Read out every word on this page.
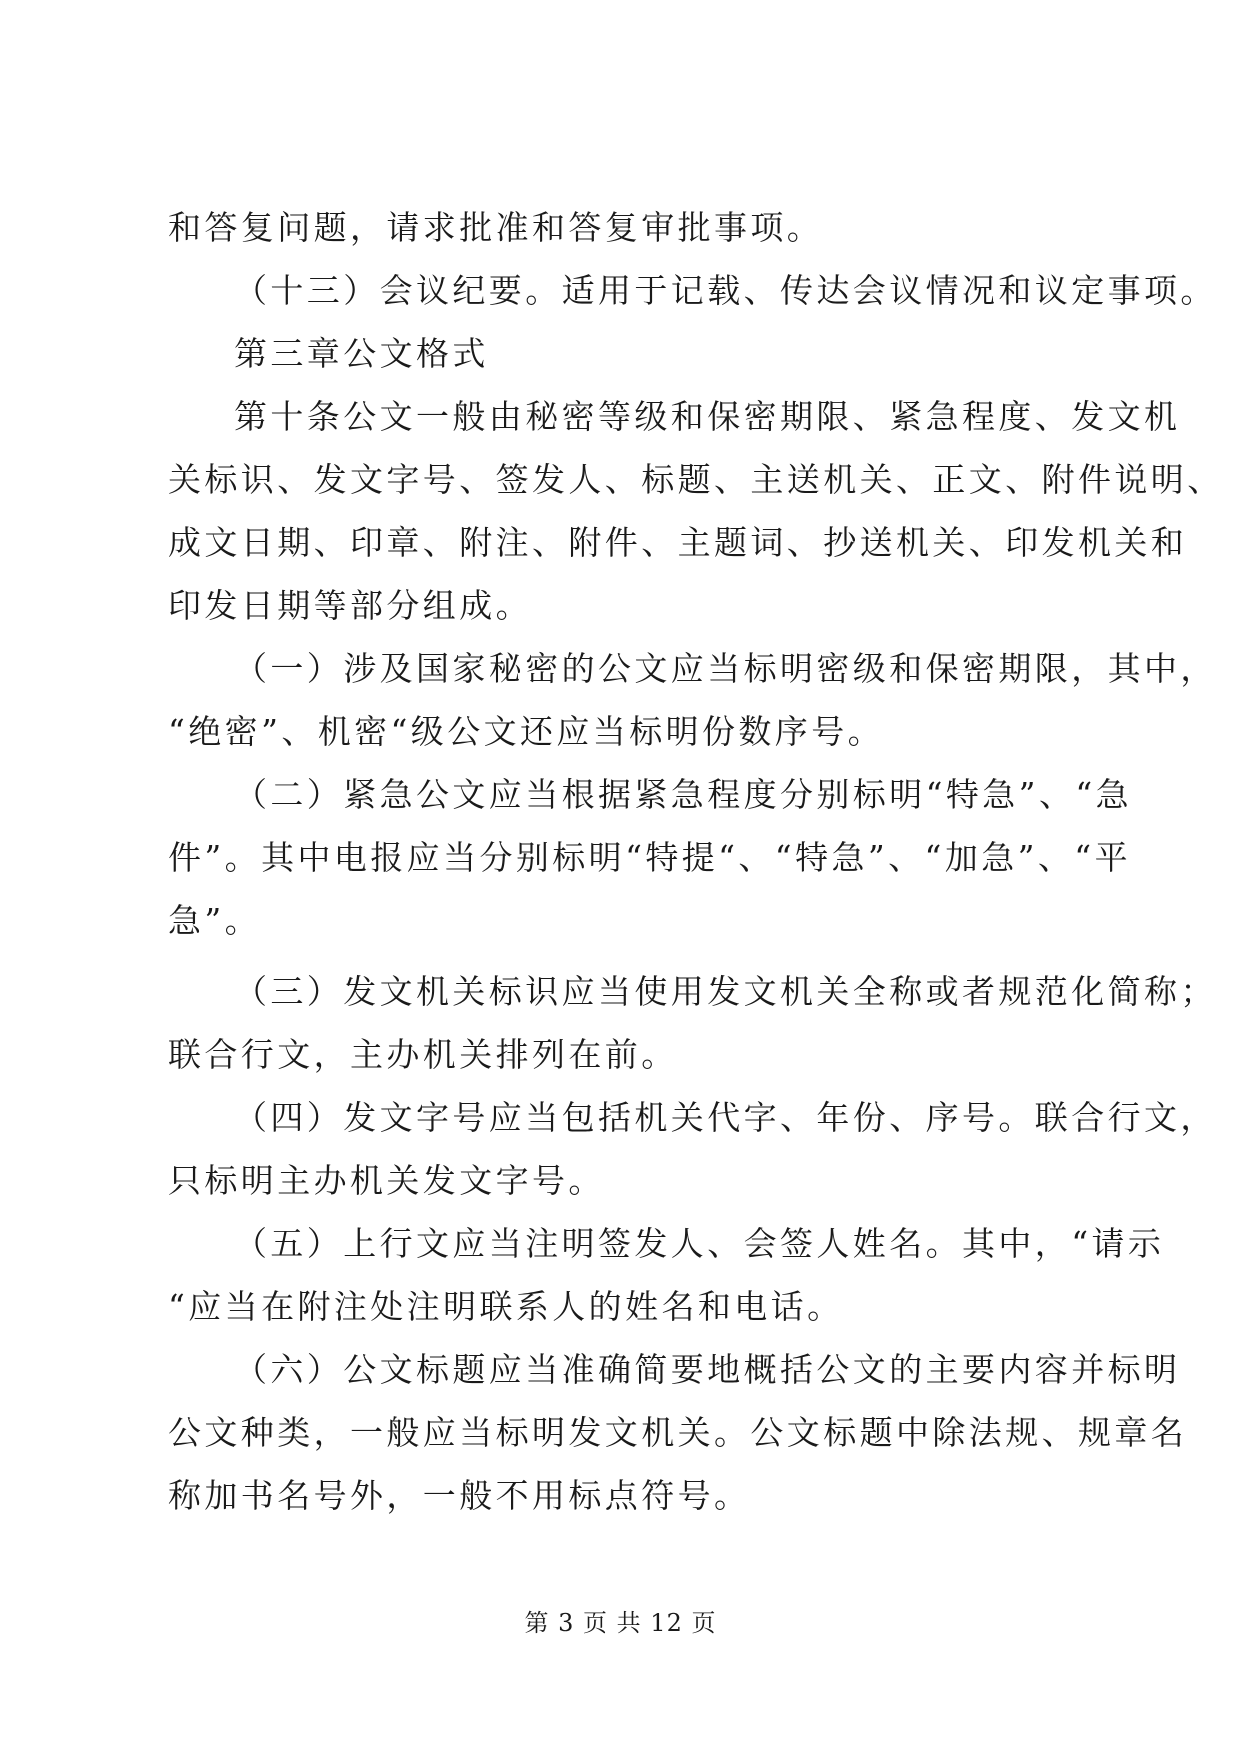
和答复问题，请求批准和答复审批事项。
（十三）会议纪要。适用于记载、传达会议情况和议定事项。
第三章公文格式
第十条公文一般由秘密等级和保密期限、紧急程度、发文机
关标识、发文字号、签发人、标题、主送机关、正文、附件说明、
成文日期、印章、附注、附件、主题词、抄送机关、印发机关和
印发日期等部分组成。
（一）涉及国家秘密的公文应当标明密级和保密期限，其中，
“绝密”、机密“级公文还应当标明份数序号。
（二）紧急公文应当根据紧急程度分别标明“特急”、“急
件”。其中电报应当分别标明“特提“、“特急”、“加急”、“平
急”。
（三）发文机关标识应当使用发文机关全称或者规范化简称；
联合行文，主办机关排列在前。
（四）发文字号应当包括机关代字、年份、序号。联合行文，
只标明主办机关发文字号。
（五）上行文应当注明签发人、会签人姓名。其中，“请示
“应当在附注处注明联系人的姓名和电话。
（六）公文标题应当准确简要地概括公文的主要内容并标明
公文种类，一般应当标明发文机关。公文标题中除法规、规章名
称加书名号外，一般不用标点符号。
第 3 页 共 12 页
